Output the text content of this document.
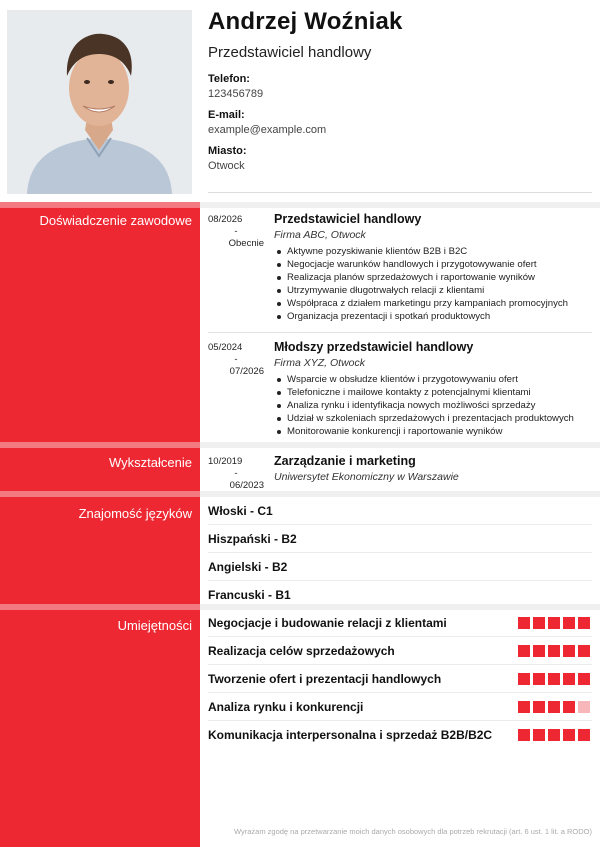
Andrzej Woźniak
Przedstawiciel handlowy
Telefon:
123456789
E-mail:
example@example.com
Miasto:
Otwock
Doświadczenie zawodowe 08/2026
-
Obecnie
Przedstawiciel handlowy
Firma ABC, Otwock
Aktywne pozyskiwanie klientów B2B i B2C
Negocjacje warunków handlowych i przygotowywanie ofert
Realizacja planów sprzedażowych i raportowanie wyników
Utrzymywanie długotrwałych relacji z klientami
Współpraca z działem marketingu przy kampaniach promocyjnych
Organizacja prezentacji i spotkań produktowych
05/2024
-
07/2026
Młodszy przedstawiciel handlowy
Firma XYZ, Otwock
Wsparcie w obsłudze klientów i przygotowywaniu ofert
Telefoniczne i mailowe kontakty z potencjalnymi klientami
Analiza rynku i identyfikacja nowych możliwości sprzedaży
Udział w szkoleniach sprzedażowych i prezentacjach produktowych
Monitorowanie konkurencji i raportowanie wyników
Wykształcenie 10/2019
-
06/2023
Zarządzanie i marketing
Uniwersytet Ekonomiczny w Warszawie
Znajomość języków Włoski - C1
Hiszpański - B2
Angielski - B2
Francuski - B1
Umiejętności Negocjacje i budowanie relacji z klientami
Realizacja celów sprzedażowych
Tworzenie ofert i prezentacji handlowych
Analiza rynku i konkurencji
Komunikacja interpersonalna i sprzedaż B2B/B2C
Wyrażam zgodę na przetwarzanie moich danych osobowych dla potrzeb rekrutacji (art. 6 ust. 1 lit. a RODO)
